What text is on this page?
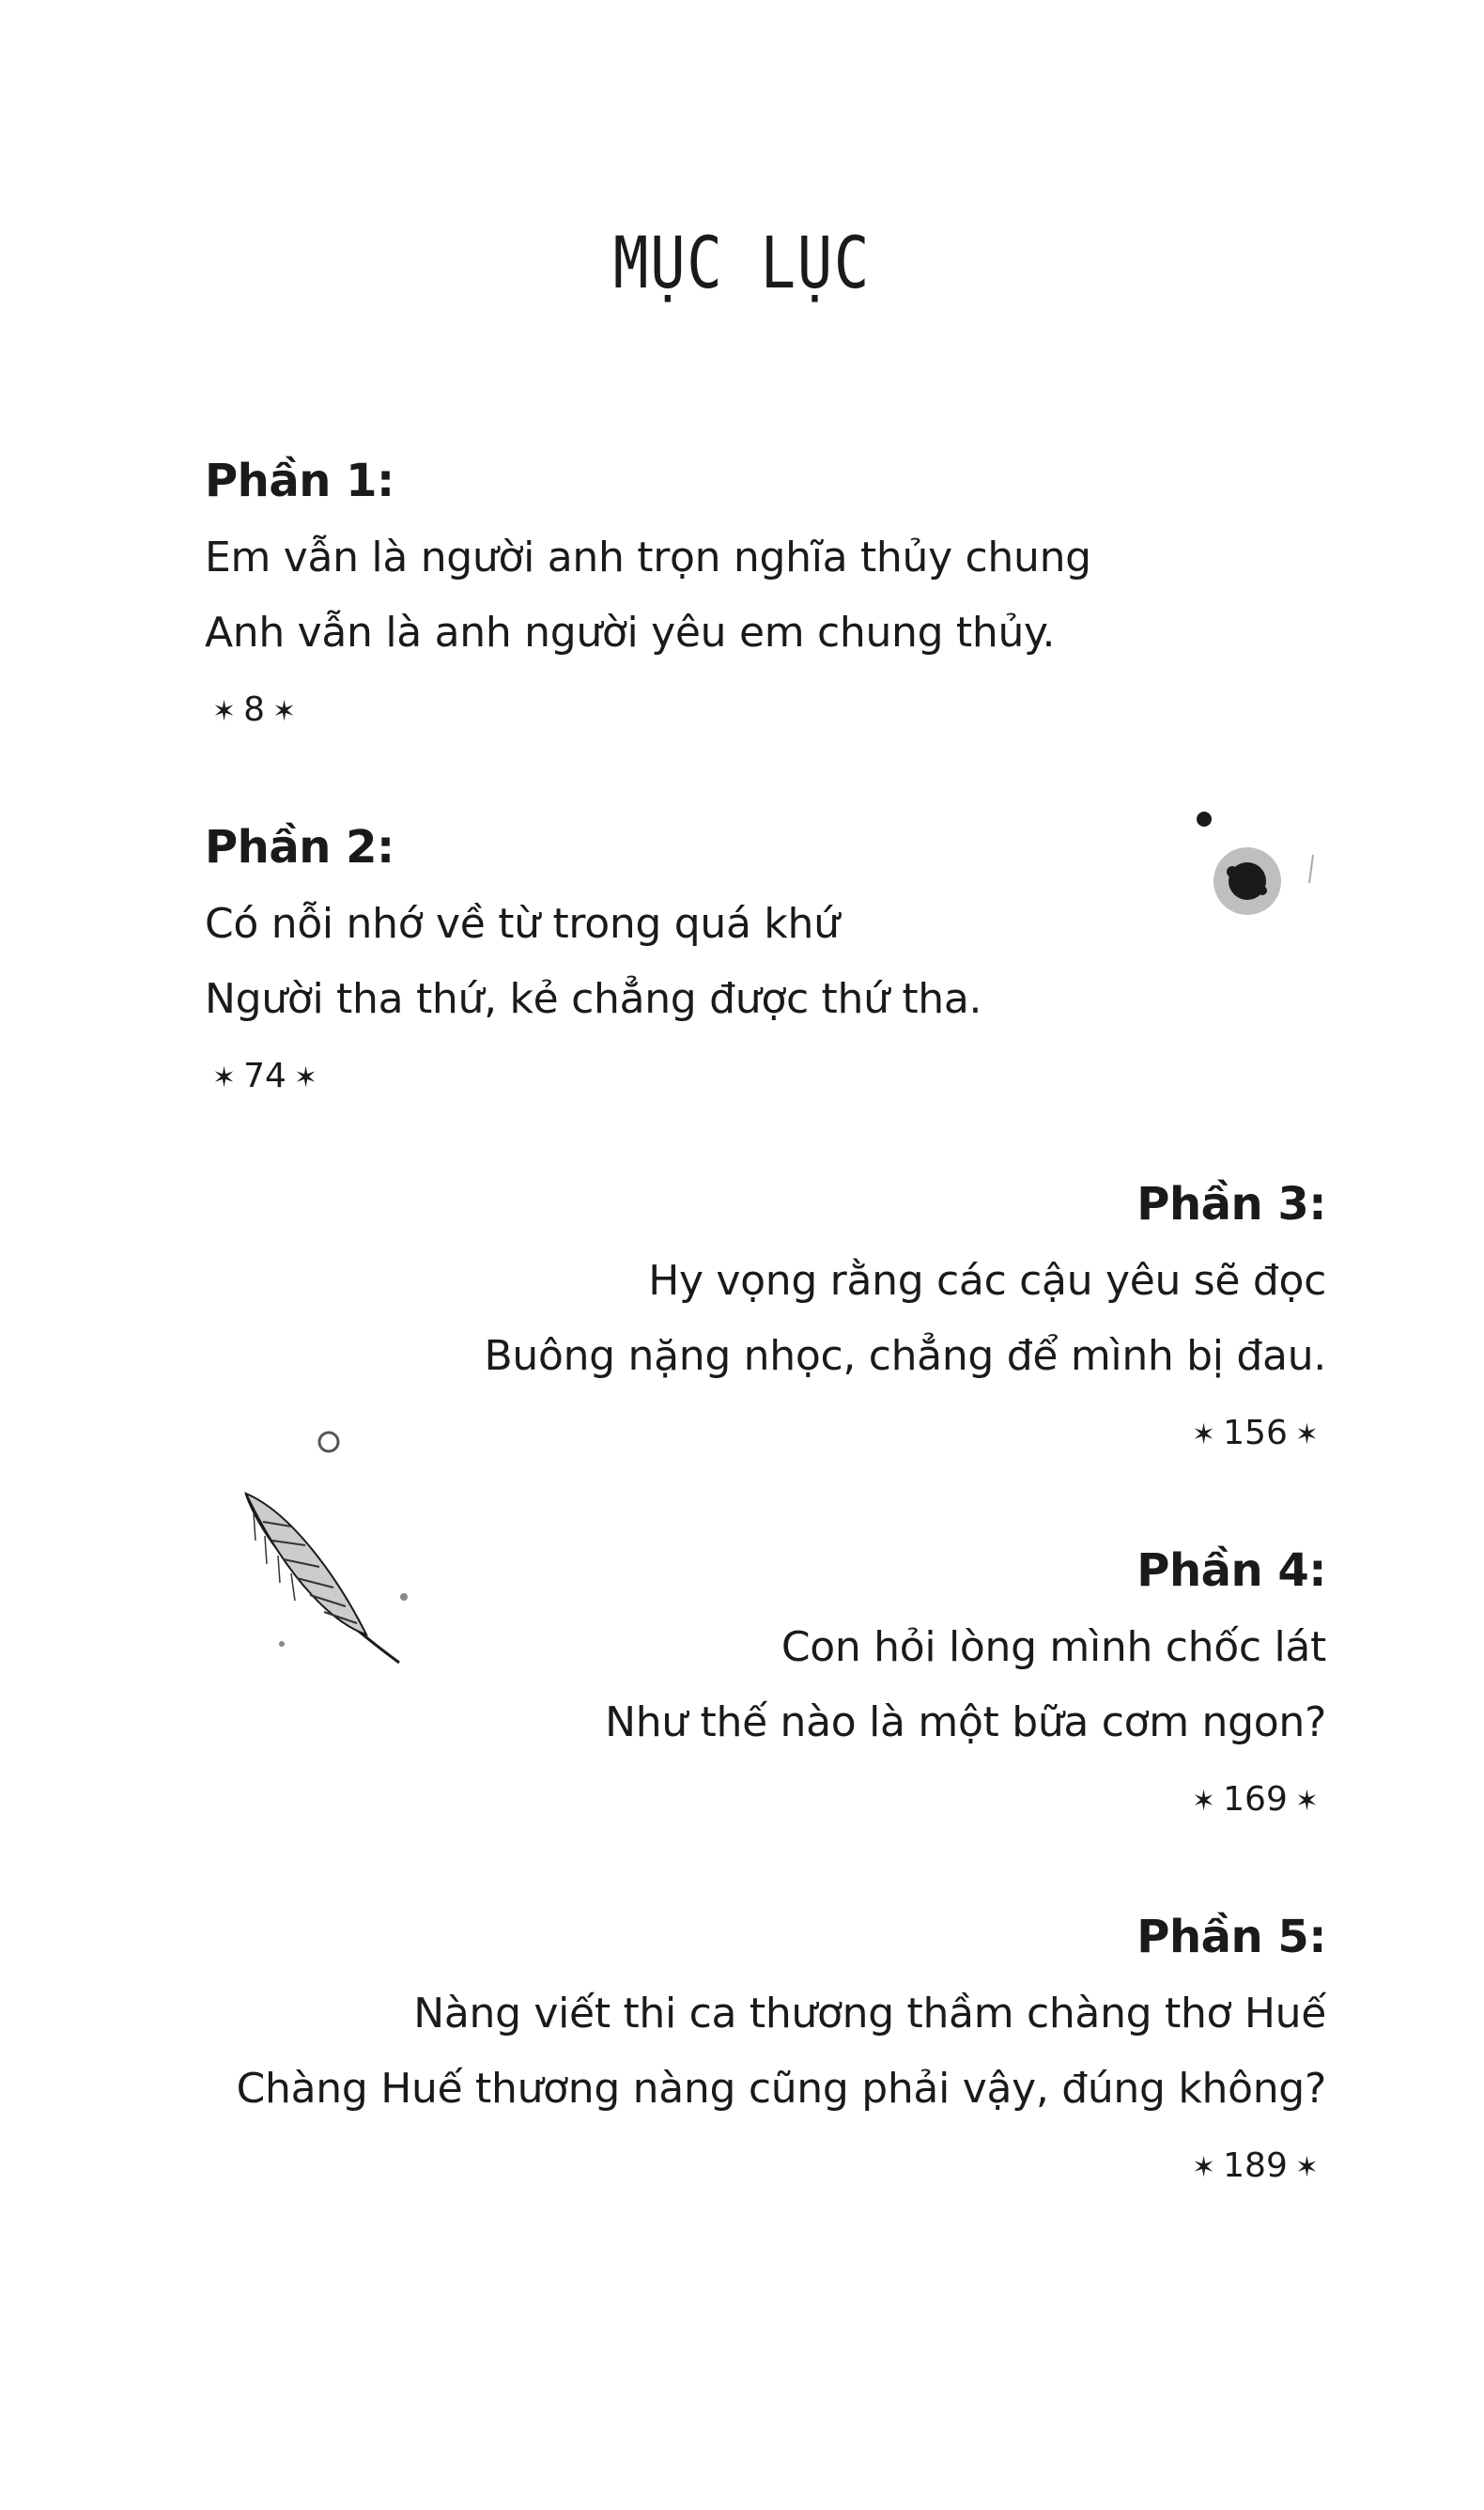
MỤC LỤC
Phần 1:
Em vẫn là người anh trọn nghĩa thủy chung
Anh vẫn là anh người yêu em chung thủy.
✶ 8 ✶
Phần 2:
Có nỗi nhớ về từ trong quá khứ
Người tha thứ, kẻ chẳng được thứ tha.
✶ 74 ✶
Phần 3:
Hy vọng rằng các cậu yêu sẽ đọc
Buông nặng nhọc, chẳng để mình bị đau.
✶ 156 ✶
Phần 4:
Con hỏi lòng mình chốc lát
Như thế nào là một bữa cơm ngon?
✶ 169 ✶
Phần 5:
Nàng viết thi ca thương thầm chàng thơ Huế
Chàng Huế thương nàng cũng phải vậy, đúng không?
✶ 189 ✶
